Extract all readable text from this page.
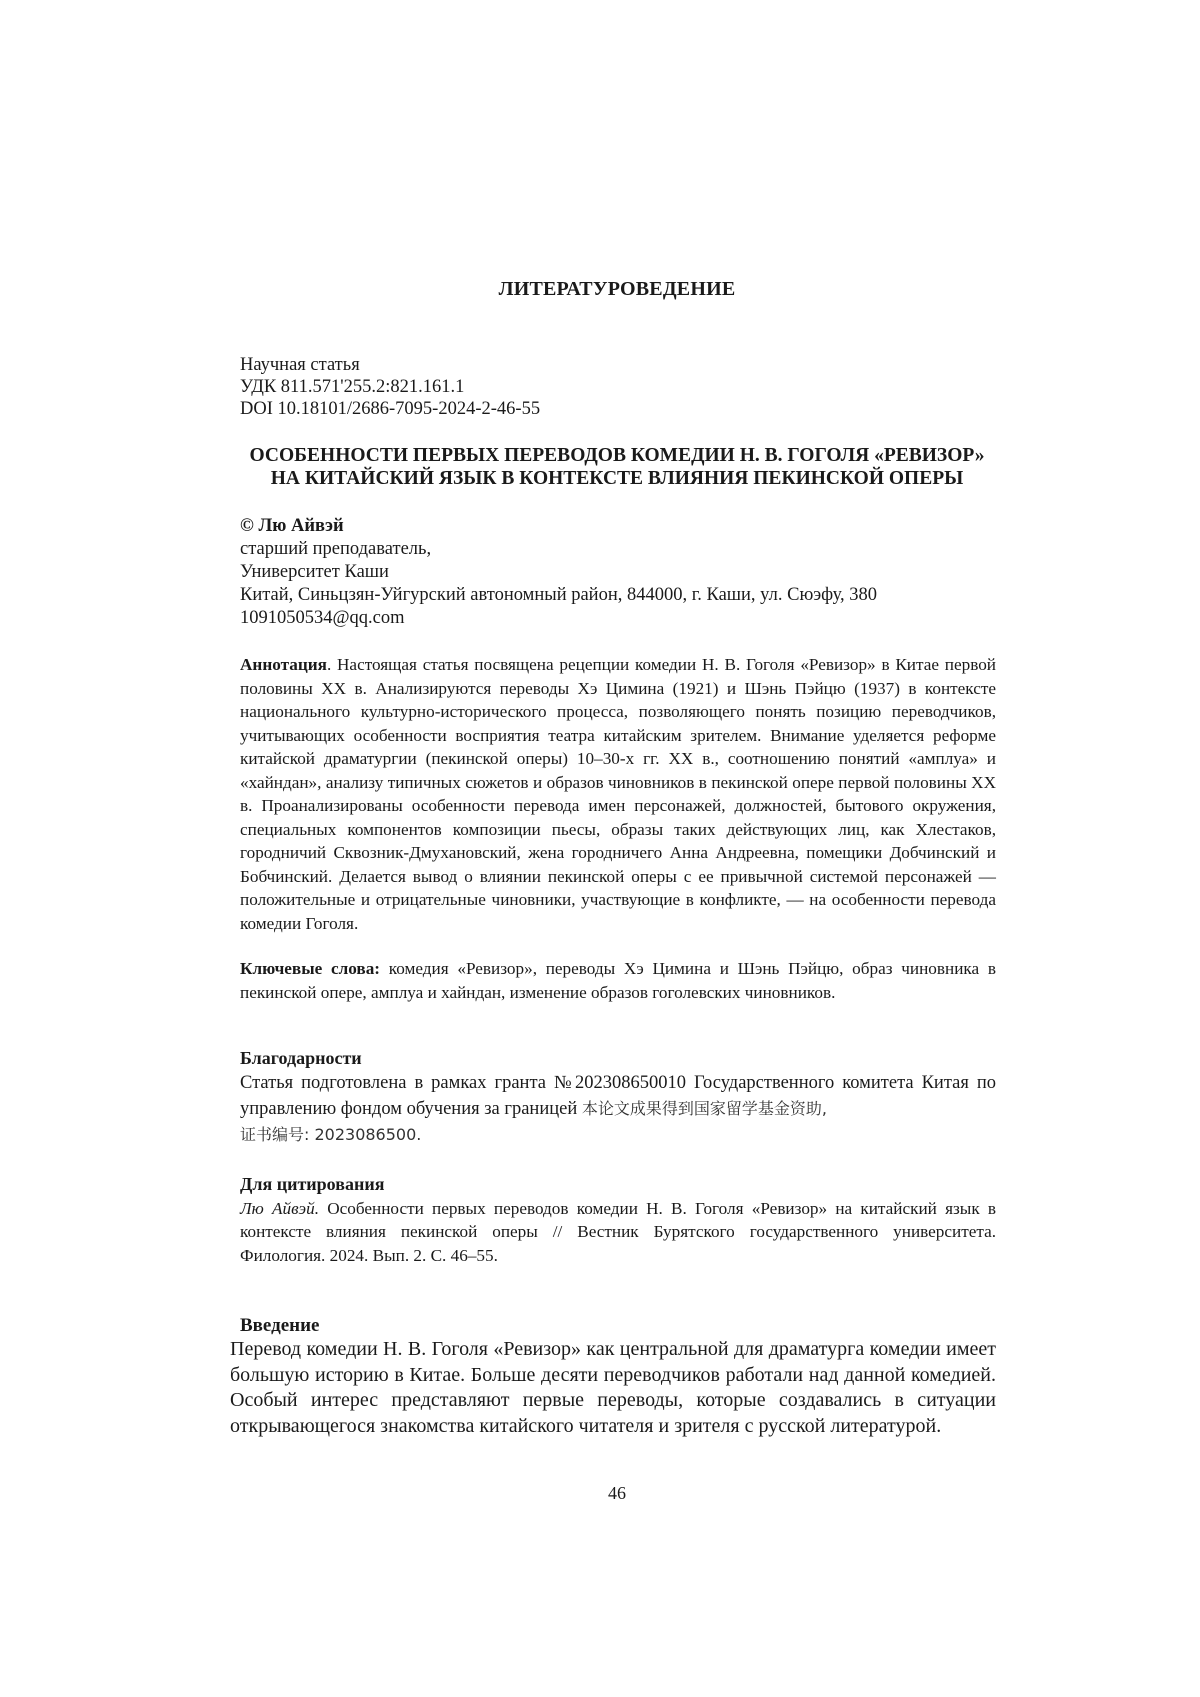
ЛИТЕРАТУРОВЕДЕНИЕ
Научная статья
УДК 811.571'255.2:821.161.1
DOI 10.18101/2686-7095-2024-2-46-55
ОСОБЕННОСТИ ПЕРВЫХ ПЕРЕВОДОВ КОМЕДИИ Н. В. ГОГОЛЯ «РЕВИЗОР»
НА КИТАЙСКИЙ ЯЗЫК В КОНТЕКСТЕ ВЛИЯНИЯ ПЕКИНСКОЙ ОПЕРЫ
© Лю Айвэй
старший преподаватель,
Университет Каши
Китай, Синьцзян-Уйгурский автономный район, 844000, г. Каши, ул. Сюэфу, 380
1091050534@qq.com
Аннотация. Настоящая статья посвящена рецепции комедии Н. В. Гоголя «Ревизор» в Китае первой половины XX в. Анализируются переводы Хэ Цимина (1921) и Шэнь Пэйцю (1937) в контексте национального культурно-исторического процесса, позволяющего понять позицию переводчиков, учитывающих особенности восприятия театра китайским зрителем. Внимание уделяется реформе китайской драматургии (пекинской оперы) 10–30-х гг. XX в., соотношению понятий «амплуа» и «хайндан», анализу типичных сюжетов и образов чиновников в пекинской опере первой половины XX в. Проанализированы особенности перевода имен персонажей, должностей, бытового окружения, специальных компонентов композиции пьесы, образы таких действующих лиц, как Хлестаков, городничий Сквозник-Дмухановский, жена городничего Анна Андреевна, помещики Добчинский и Бобчинский. Делается вывод о влиянии пекинской оперы с ее привычной системой персонажей — положительные и отрицательные чиновники, участвующие в конфликте, — на особенности перевода комедии Гоголя.
Ключевые слова: комедия «Ревизор», переводы Хэ Цимина и Шэнь Пэйцю, образ чиновника в пекинской опере, амплуа и хайндан, изменение образов гоголевских чиновников.
Благодарности
Статья подготовлена в рамках гранта №202308650010 Государственного комитета Китая по управлению фондом обучения за границей 本论文成果得到国家留学基金资助,
证书编号: 2023086500.
Для цитирования
Лю Айвэй. Особенности первых переводов комедии Н. В. Гоголя «Ревизор» на китайский язык в контексте влияния пекинской оперы // Вестник Бурятского государственного университета. Филология. 2024. Вып. 2. С. 46–55.
Введение
Перевод комедии Н. В. Гоголя «Ревизор» как центральной для драматурга комедии имеет большую историю в Китае. Больше десяти переводчиков работали над данной комедией. Особый интерес представляют первые переводы, которые создавались в ситуации открывающегося знакомства китайского читателя и зрителя с русской литературой.
46
